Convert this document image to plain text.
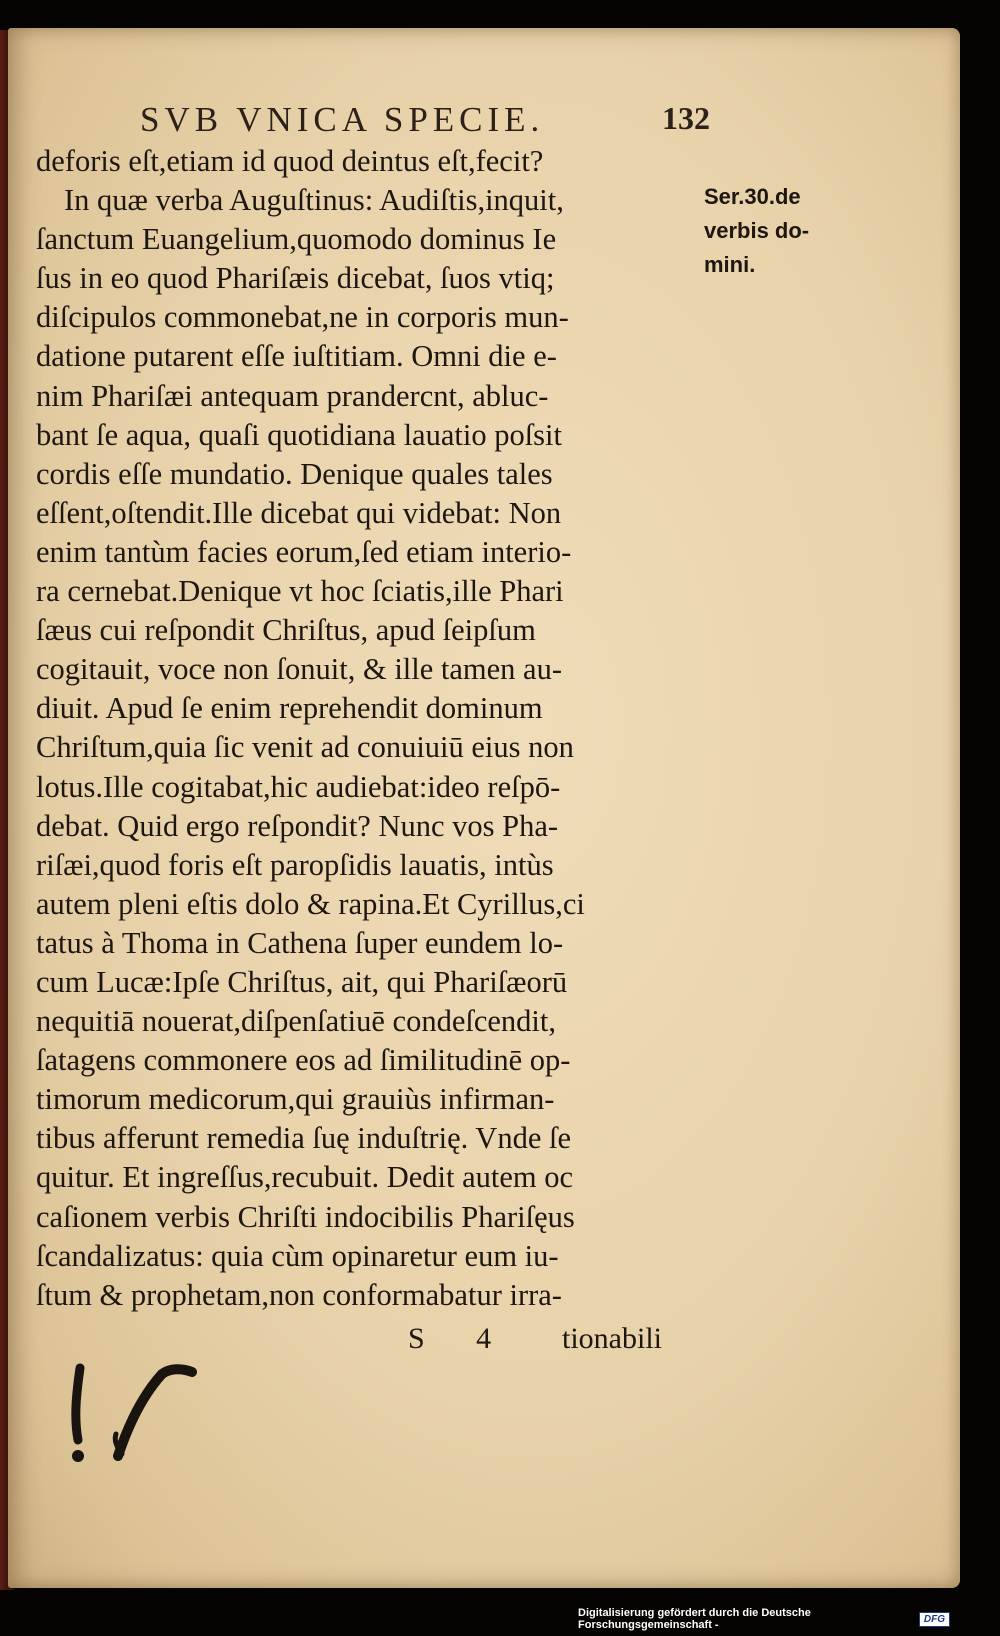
SVB VNICA SPECIE.	132
deforis eſt,etiam id quod deintus eſt,fecit?
In quæ verba Auguſtinus: Audiſtis,inquit,
ſanctum Euangelium,quomodo dominus Ie
ſus in eo quod Phariſæis dicebat, ſuos vtiq;
diſcipulos commonebat,ne in corporis mun-
datione putarent eſſe iuſtitiam. Omni die e-
nim Phariſæi antequam prandercnt, abluc-
bant ſe aqua, quaſi quotidiana lauatio poſsit
cordis eſſe mundatio. Denique quales tales
eſſent,oſtendit.Ille dicebat qui videbat: Non
enim tantùm facies eorum,ſed etiam interio-
ra cernebat.Denique vt hoc ſciatis,ille Phari
ſæus cui reſpondit Chriſtus, apud ſeipſum
cogitauit, voce non ſonuit, & ille tamen au-
diuit. Apud ſe enim reprehendit dominum
Chriſtum,quia ſic venit ad conuiuiū eius non
lotus.Ille cogitabat,hic audiebat:ideo reſpō-
debat. Quid ergo reſpondit? Nunc vos Pha-
riſæi,quod foris eſt paropſidis lauatis, intùs
autem pleni eſtis dolo & rapina.Et Cyrillus,ci
tatus à Thoma in Cathena ſuper eundem lo-
cum Lucæ:Ipſe Chriſtus, ait, qui Phariſæorū
nequitiā nouerat,diſpenſatiuē condeſcendit,
ſatagens commonere eos ad ſimilitudinē op-
timorum medicorum,qui grauiùs infirman-
tibus afferunt remedia ſuę induſtrię. Vnde ſe
quitur. Et ingreſſus,recubuit. Dedit autem oc
caſionem verbis Chriſti indocibilis Phariſęus
ſcandalizatus: quia cùm opinaretur eum iu-
ſtum & prophetam,non conformabatur irra-
Ser.30.de
verbis do-
mini.
S 4 tionabili
Digitalisierung gefördert durch die Deutsche Forschungsgemeinschaft -	DFG
